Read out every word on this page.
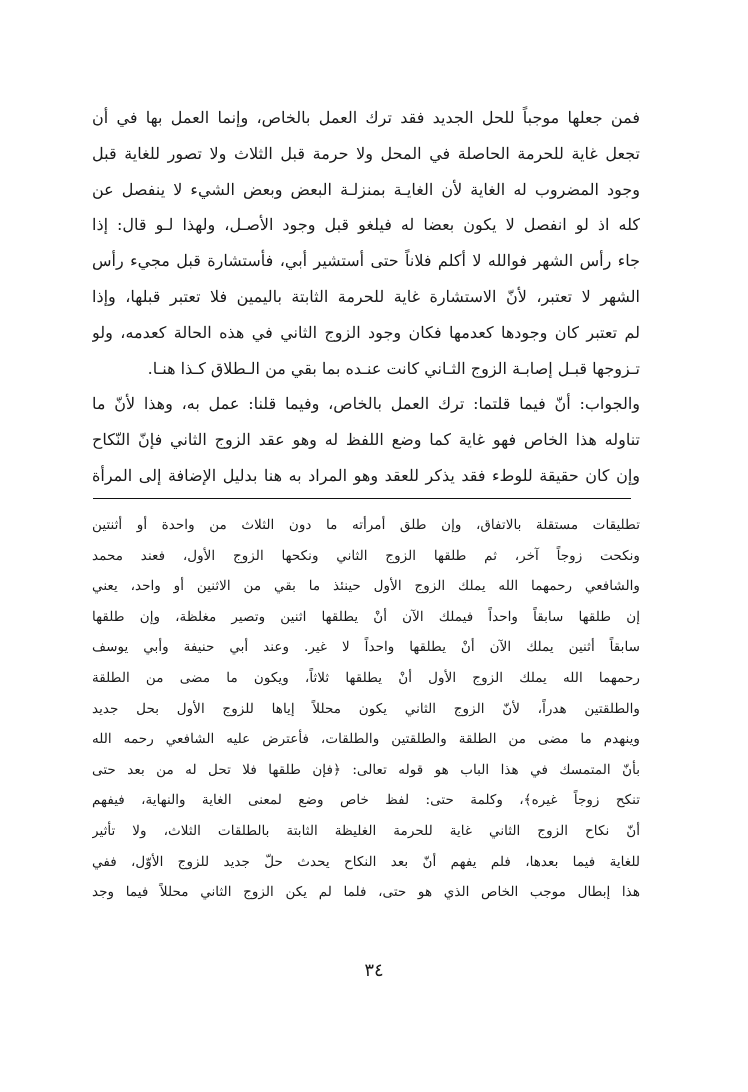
فمن جعلها موجباً للحل الجديد فقد ترك العمل بالخاص، وإنما العمل بها في أن
تجعل غاية للحرمة الحاصلة في المحل ولا حرمة قبل الثلاث ولا تصور للغاية قبل
وجود المضروب له الغاية لأن الغايـة بمنزلـة البعض وبعض الشيء لا ينفصل عن
كله اذ لو انفصل لا يكون بعضا له فيلغو قبل وجود الأصـل، ولهذا لـو قال: إذا
جاء رأس الشهر فوالله لا أكلم فلاناً حتى أستشير أبي، فأستشارة قبل مجيء رأس
الشهر لا تعتبر، لأنّ الاستشارة غاية للحرمة الثابتة باليمين فلا تعتبر قبلها، وإذا
لم تعتبر كان وجودها كعدمها فكان وجود الزوج الثاني في هذه الحالة كعدمه، ولو
تـزوجها قبـل إصابـة الزوج الثـاني كانت عنـده بما بقي من الـطلاق كـذا هنـا.
والجواب: أنّ فيما قلتما: ترك العمل بالخاص، وفيما قلنا: عمل به، وهذا لأنّ ما
تناوله هذا الخاص فهو غاية كما وضع اللفظ له وهو عقد الزوج الثاني فإنّ النّكاح
وإن كان حقيقة للوطء فقد يذكر للعقد وهو المراد به هنا بدليل الإضافة إلى المرأة
تطليقات مستقلة بالاتفاق، وإن طلق أمرأته ما دون الثلاث من واحدة أو أثنتين
ونكحت زوجاً آخر، ثم طلقها الزوج الثاني ونكحها الزوج الأول، فعند محمد
والشافعي رحمهما الله يملك الزوج الأول حينئذ ما بقي من الاثنين أو واحد، يعني
إن طلقها سابقاً واحداً فيملك الآن أنْ يطلقها اثنين وتصير مغلظة، وإن طلقها
سابقاً أثنين يملك الآن أنْ يطلقها واحداً لا غير. وعند أبي حنيفة وأبي يوسف
رحمهما الله يملك الزوج الأول أنْ يطلقها ثلاثاً، ويكون ما مضى من الطلقة
والطلقتين هدراً، لأنّ الزوج الثاني يكون محللاً إياها للزوج الأول بحل جديد
وينهدم ما مضى من الطلقة والطلقتين والطلقات، فأعترض عليه الشافعي رحمه الله
بأنّ المتمسك في هذا الباب هو قوله تعالى: ﴿فإن طلقها فلا تحل له من بعد حتى
تنكح زوجاً غيره﴾، وكلمة حتى: لفظ خاص وضع لمعنى الغاية والنهاية، فيفهم
أنّ نكاح الزوج الثاني غاية للحرمة الغليظة الثابتة بالطلقات الثلاث، ولا تأثير
للغاية فيما بعدها، فلم يفهم أنّ بعد النكاح يحدث حلّ جديد للزوج الأوّل، ففي
هذا إبطال موجب الخاص الذي هو حتى، فلما لم يكن الزوج الثاني محللاً فيما وجد
٣٤
